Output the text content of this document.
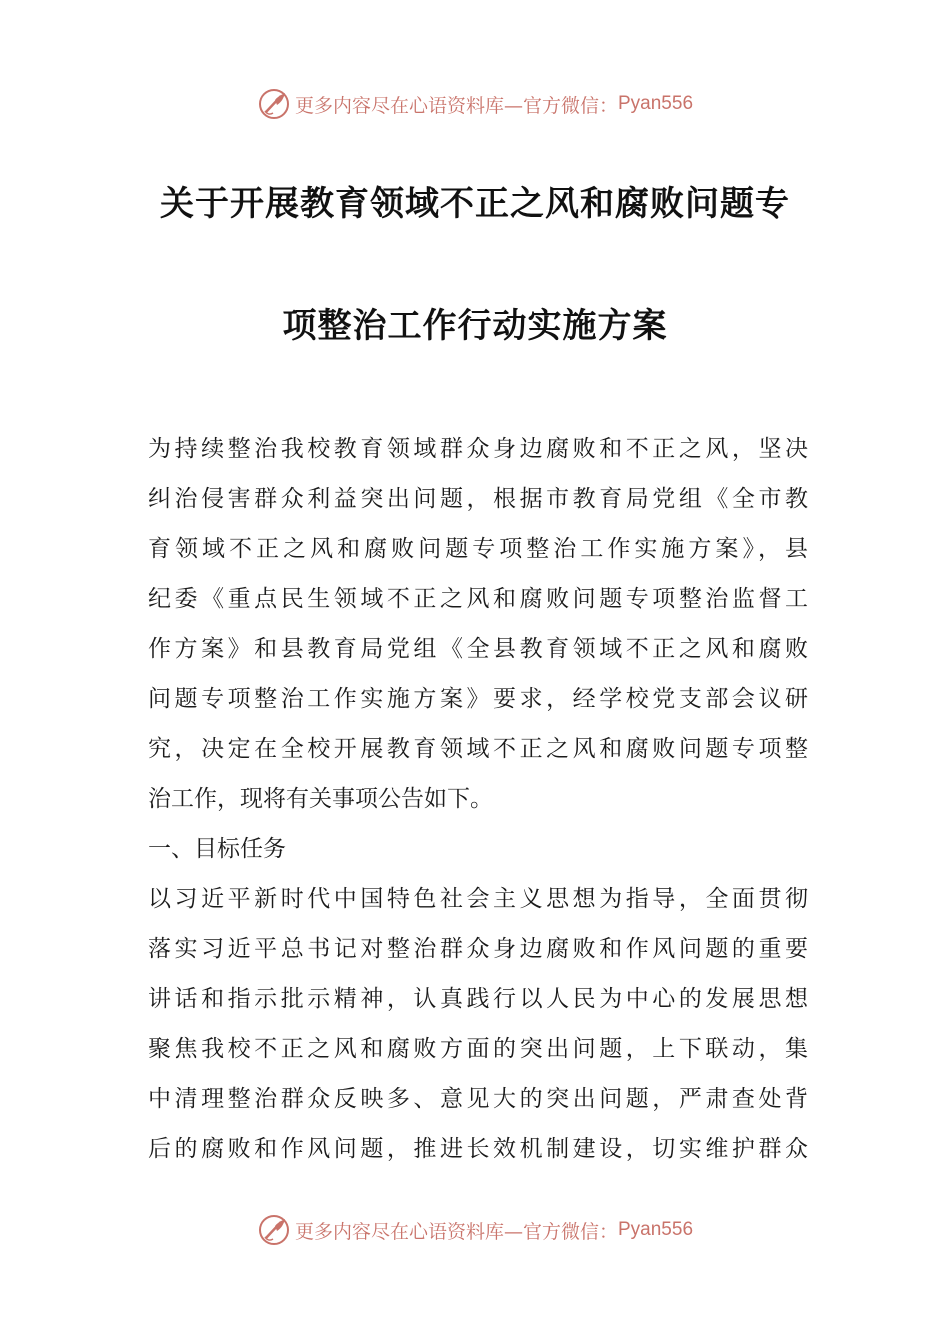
更多内容尽在心语资料库— 官方微信： Pyan556
关于开展教育领域不正之风和腐败问题专
项整治工作行动实施方案
为持续整治我校教育领域群众身边腐败和不正之风，坚决
纠治侵害群众利益突出问题，根据市教育局党组《全市教
育领域不正之风和腐败问题专项整治工作实施方案》，县
纪委《重点民生领域不正之风和腐败问题专项整治监督工
作方案》和县教育局党组《全县教育领域不正之风和腐败
问题专项整治工作实施方案》要求，经学校党支部会议研
究，决定在全校开展教育领域不正之风和腐败问题专项整
治工作，现将有关事项公告如下。
一、目标任务
以习近平新时代中国特色社会主义思想为指导，全面贯彻
落实习近平总书记对整治群众身边腐败和作风问题的重要
讲话和指示批示精神，认真践行以人民为中心的发展思想
聚焦我校不正之风和腐败方面的突出问题，上下联动，集
中清理整治群众反映多、意见大的突出问题，严肃查处背
后的腐败和作风问题，推进长效机制建设，切实维护群众
更多内容尽在心语资料库— 官方微信： Pyan556
